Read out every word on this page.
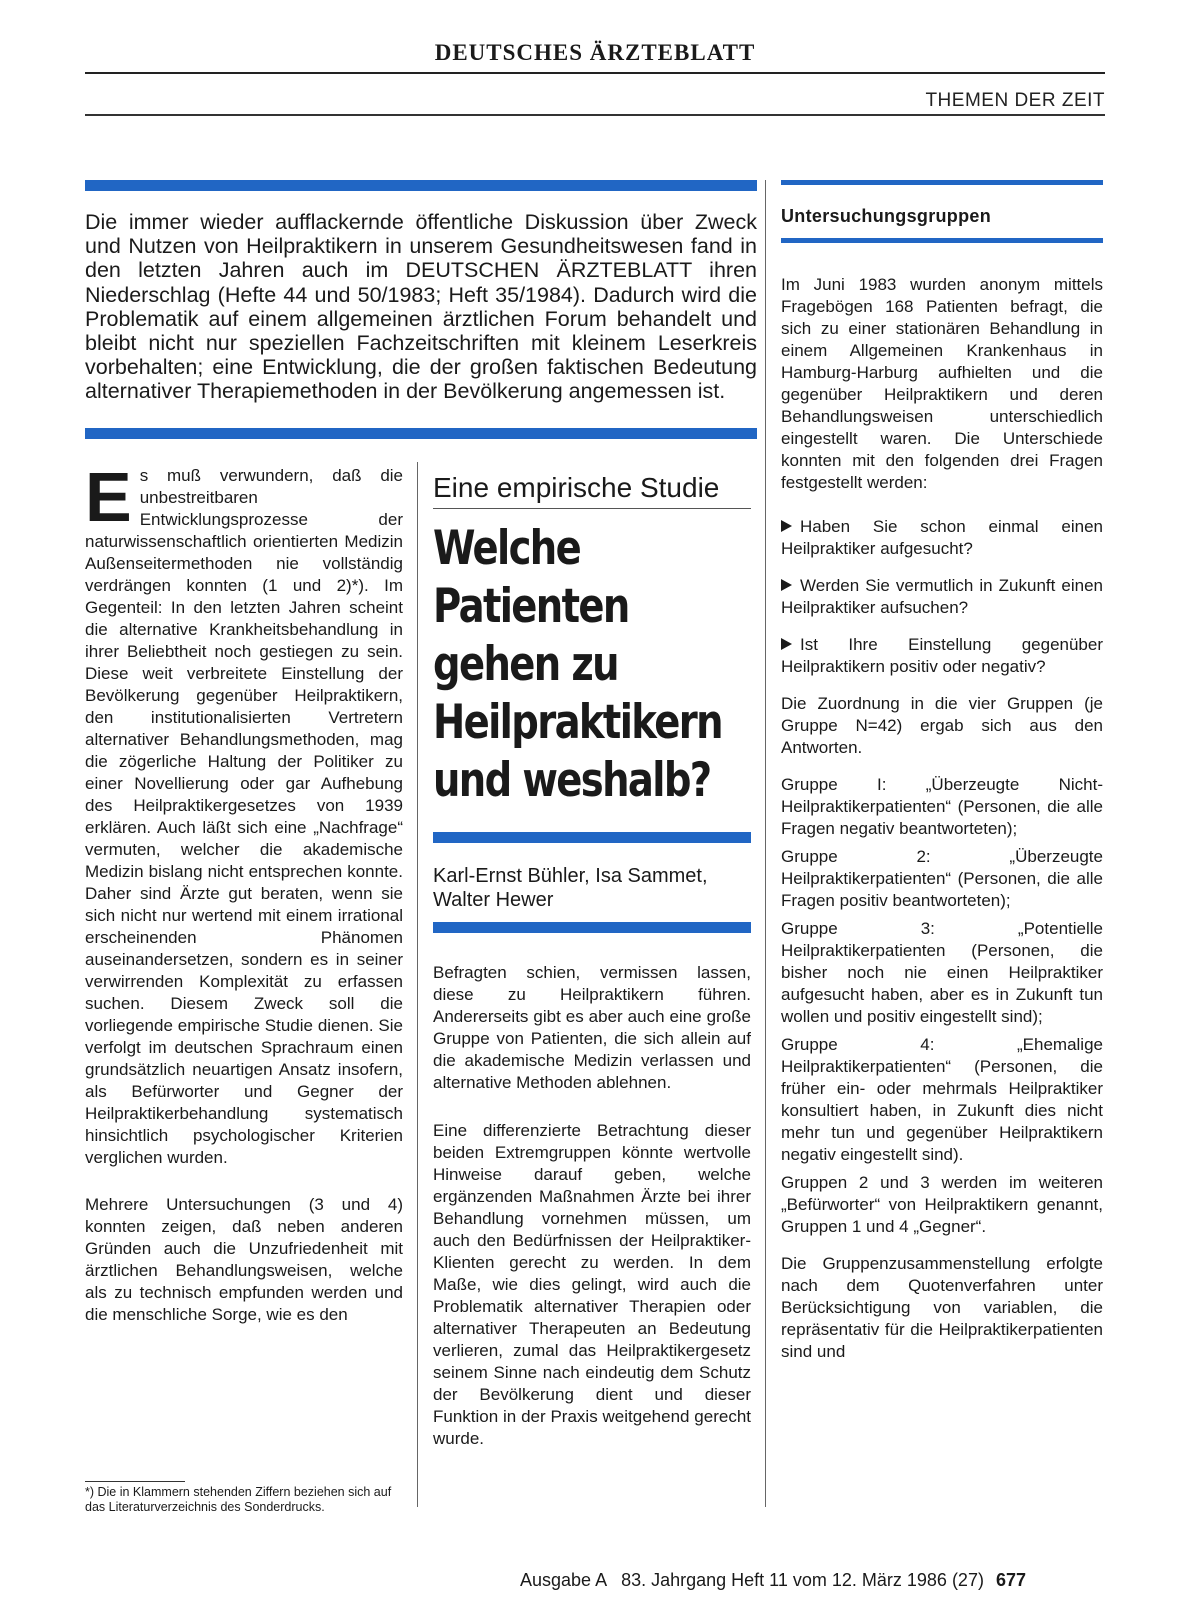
DEUTSCHES ÄRZTEBLATT
THEMEN DER ZEIT
Die immer wieder aufflackernde öffentliche Diskussion über Zweck und Nutzen von Heilpraktikern in unserem Gesundheitswesen fand in den letzten Jahren auch im DEUTSCHEN ÄRZTEBLATT ihren Niederschlag (Hefte 44 und 50/1983; Heft 35/1984). Dadurch wird die Problematik auf einem allgemeinen ärztlichen Forum behandelt und bleibt nicht nur speziellen Fachzeitschriften mit kleinem Leserkreis vorbehalten; eine Entwicklung, die der großen faktischen Bedeutung alternativer Therapiemethoden in der Bevölkerung angemessen ist.

Es muß verwundern, daß die unbestreitbaren Entwicklungsprozesse der naturwissenschaftlich orientierten Medizin Außenseitermethoden nie vollständig verdrängen konnten (1 und 2)*). Im Gegenteil: In den letzten Jahren scheint die alternative Krankheitsbehandlung in ihrer Beliebtheit noch gestiegen zu sein. Diese weit verbreitete Einstellung der Bevölkerung gegenüber Heilpraktikern, den institutionalisierten Vertretern alternativer Behandlungsmethoden, mag die zögerliche Haltung der Politiker zu einer Novellierung oder gar Aufhebung des Heilpraktikergesetzes von 1939 erklären. Auch läßt sich eine „Nachfrage“ vermuten, welcher die akademische Medizin bislang nicht entsprechen konnte. Daher sind Ärzte gut beraten, wenn sie sich nicht nur wertend mit einem irrational erscheinenden Phänomen auseinandersetzen, sondern es in seiner verwirrenden Komplexität zu erfassen suchen. Diesem Zweck soll die vorliegende empirische Studie dienen. Sie verfolgt im deutschen Sprachraum einen grundsätzlich neuartigen Ansatz insofern, als Befürworter und Gegner der Heilpraktikerbehandlung systematisch hinsichtlich psychologischer Kriterien verglichen wurden.

Mehrere Untersuchungen (3 und 4) konnten zeigen, daß neben anderen Gründen auch die Unzufriedenheit mit ärztlichen Behandlungsweisen, welche als zu technisch empfunden werden und die menschliche Sorge, wie es den

*) Die in Klammern stehenden Ziffern beziehen sich auf das Literaturverzeichnis des Sonderdrucks.
Eine empirische Studie
Welche
Patienten
gehen zu
Heilpraktikern
und weshalb?
Karl-Ernst Bühler, Isa Sammet, Walter Hewer

Befragten schien, vermissen lassen, diese zu Heilpraktikern führen. Andererseits gibt es aber auch eine große Gruppe von Patienten, die sich allein auf die akademische Medizin verlassen und alternative Methoden ablehnen.

Eine differenzierte Betrachtung dieser beiden Extremgruppen könnte wertvolle Hinweise darauf geben, welche ergänzenden Maßnahmen Ärzte bei ihrer Behandlung vornehmen müssen, um auch den Bedürfnissen der Heilpraktiker-Klienten gerecht zu werden. In dem Maße, wie dies gelingt, wird auch die Problematik alternativer Therapien oder alternativer Therapeuten an Bedeutung verlieren, zumal das Heilpraktikergesetz seinem Sinne nach eindeutig dem Schutz der Bevölkerung dient und dieser Funktion in der Praxis weitgehend gerecht wurde.

Untersuchungsgruppen

Im Juni 1983 wurden anonym mittels Fragebögen 168 Patienten befragt, die sich zu einer stationären Behandlung in einem Allgemeinen Krankenhaus in Hamburg-Harburg aufhielten und die gegenüber Heilpraktikern und deren Behandlungsweisen unterschiedlich eingestellt waren. Die Unterschiede konnten mit den folgenden drei Fragen festgestellt werden:

Haben Sie schon einmal einen Heilpraktiker aufgesucht?

Werden Sie vermutlich in Zukunft einen Heilpraktiker aufsuchen?

Ist Ihre Einstellung gegenüber Heilpraktikern positiv oder negativ?

Die Zuordnung in die vier Gruppen (je Gruppe N=42) ergab sich aus den Antworten.

Gruppe I: „Überzeugte Nicht-Heilpraktikerpatienten“ (Personen, die alle Fragen negativ beantworteten);

Gruppe 2: „Überzeugte Heilpraktikerpatienten“ (Personen, die alle Fragen positiv beantworteten);

Gruppe 3: „Potentielle Heilpraktikerpatienten (Personen, die bisher noch nie einen Heilpraktiker aufgesucht haben, aber es in Zukunft tun wollen und positiv eingestellt sind);

Gruppe 4: „Ehemalige Heilpraktikerpatienten“ (Personen, die früher ein- oder mehrmals Heilpraktiker konsultiert haben, in Zukunft dies nicht mehr tun und gegenüber Heilpraktikern negativ eingestellt sind).

Gruppen 2 und 3 werden im weiteren „Befürworter“ von Heilpraktikern genannt, Gruppen 1 und 4 „Gegner“.

Die Gruppenzusammenstellung erfolgte nach dem Quotenverfahren unter Berücksichtigung von variablen, die repräsentativ für die Heilpraktikerpatienten sind und

Ausgabe A   83. Jahrgang Heft 11 vom 12. März 1986 (27) 677
